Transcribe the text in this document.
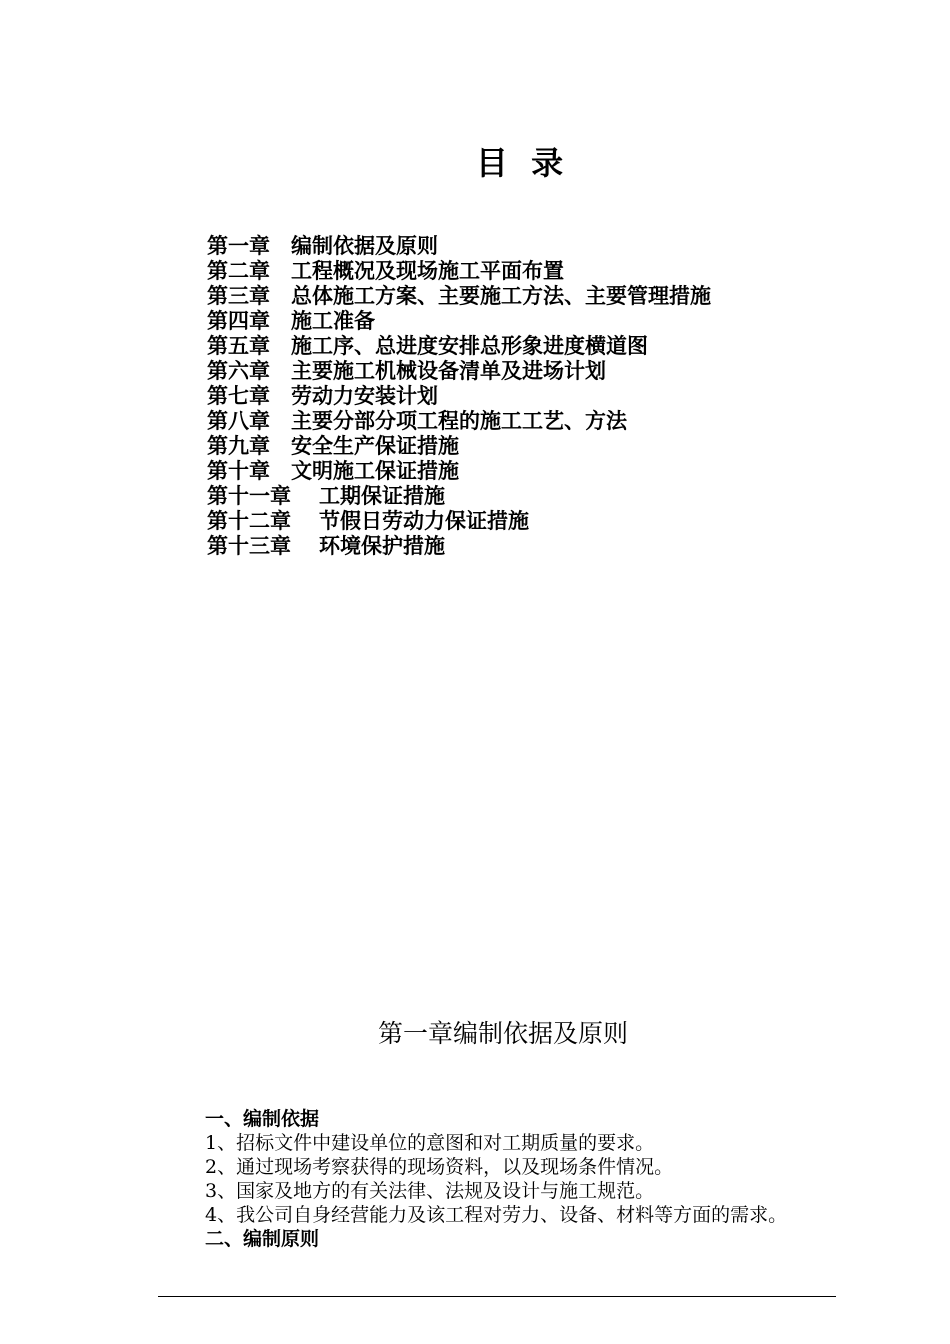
目 录
第一章 编制依据及原则
第二章 工程概况及现场施工平面布置
第三章 总体施工方案、主要施工方法、主要管理措施
第四章 施工准备
第五章 施工序、总进度安排总形象进度横道图
第六章 主要施工机械设备清单及进场计划
第七章 劳动力安装计划
第八章 主要分部分项工程的施工工艺、方法
第九章 安全生产保证措施
第十章 文明施工保证措施
第十一章 工期保证措施
第十二章 节假日劳动力保证措施
第十三章 环境保护措施
第一章编制依据及原则
一、编制依据
1、招标文件中建设单位的意图和对工期质量的要求。
2、通过现场考察获得的现场资料，以及现场条件情况。
3、国家及地方的有关法律、法规及设计与施工规范。
4、我公司自身经营能力及该工程对劳力、设备、材料等方面的需求。
二、编制原则
